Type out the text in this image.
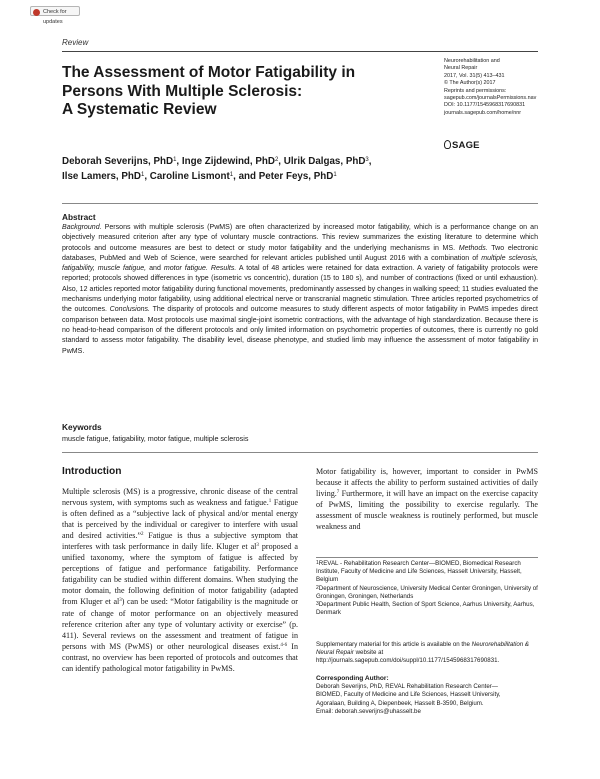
Check for updates
Review
The Assessment of Motor Fatigability in
Persons With Multiple Sclerosis:
A Systematic Review
Neurorehabilitation and
Neural Repair
2017, Vol. 31(5) 413–431
© The Author(s) 2017
Reprints and permissions:
sagepub.com/journalsPermissions.nav
DOI: 10.1177/1545968317690831
journals.sagepub.com/home/nnr
SAGE
Deborah Severijns, PhD$^1$, Inge Zijdewind, PhD$^2$, Ulrik Dalgas, PhD$^3$,
Ilse Lamers, PhD$^1$, Caroline Lismont$^1$, and Peter Feys, PhD$^1$
Abstract
Background. Persons with multiple sclerosis (PwMS) are often characterized by increased motor fatigability, which is a performance change on an objectively measured criterion after any type of voluntary muscle contractions. This review summarizes the existing literature to determine which protocols and outcome measures are best to detect or study motor fatigability and the underlying mechanisms in MS. Methods. Two electronic databases, PubMed and Web of Science, were searched for relevant articles published until August 2016 with a combination of multiple sclerosis, fatigability, muscle fatigue, and motor fatigue. Results. A total of 48 articles were retained for data extraction. A variety of fatigability protocols were reported; protocols showed differences in type (isometric vs concentric), duration (15 to 180 s), and number of contractions (fixed or until exhaustion). Also, 12 articles reported motor fatigability during functional movements, predominantly assessed by changes in walking speed; 11 studies evaluated the mechanisms underlying motor fatigability, using additional electrical nerve or transcranial magnetic stimulation. Three articles reported psychometrics of the outcomes. Conclusions. The disparity of protocols and outcome measures to study different aspects of motor fatigability in PwMS impedes direct comparison between data. Most protocols use maximal single-joint isometric contractions, with the advantage of high standardization. Because there is no head-to-head comparison of the different protocols and only limited information on psychometric properties of outcomes, there is currently no gold standard to assess motor fatigability. The disability level, disease phenotype, and studied limb may influence the assessment of motor fatigability in PwMS.
Keywords
muscle fatigue, fatigability, motor fatigue, multiple sclerosis
Introduction
Multiple sclerosis (MS) is a progressive, chronic disease of the central nervous system, with symptoms such as weakness and fatigue.$^1$ Fatigue is often defined as a “subjective lack of physical and/or mental energy that is perceived by the individual or caregiver to interfere with usual and desired activities.”$^2$ Fatigue is thus a subjective symptom that interferes with task performance in daily life. Kluger et $al^3$ proposed a unified taxonomy, where the symptom of fatigue is affected by perceptions of fatigue and performance fatigability. Performance fatigability can be studied within different domains. When studying the motor domain, the following definition of motor fatigability (adapted from Kluger et $al^3$) can be used: “Motor fatigability is the magnitude or rate of change of motor performance on an objectively measured reference criterion after any type of voluntary activity or exercise” (p. 411). Several reviews on the assessment and treatment of fatigue in persons with MS (PwMS) or other neurological diseases exist.$^{4-6}$ In contrast, no overview has been reported of protocols and outcomes that can identify pathological motor fatigability in PwMS.
Motor fatigability is, however, important to consider in PwMS because it affects the ability to perform sustained activities of daily living.$^7$ Furthermore, it will have an impact on the exercise capacity of PwMS, limiting the possibility to exercise regularly. The assessment of muscle weakness is routinely performed, but muscle weakness and

$^1$REVAL - Rehabilitation Research Center—BIOMED, Biomedical Research Institute, Faculty of Medicine and Life Sciences, Hasselt University, Hasselt, Belgium

$^2$Department of Neuroscience, University Medical Center Groningen, University of Groningen, Groningen, Netherlands

$^3$Department Public Health, Section of Sport Science, Aarhus University, Aarhus, Denmark

Supplementary material for this article is available on the Neurorehabilitation & Neural Repair website at http://journals.sagepub.com/doi/suppl/10.1177/1545968317690831.
Corresponding Author:
Deborah Severijns, PhD, REVAL Rehabilitation Research Center—
BIOMED, Faculty of Medicine and Life Sciences, Hasselt University,
Agoralaan, Building A, Diepenbeek, Hasselt B-3590, Belgium.
Email: deborah.severijns@uhasselt.be
